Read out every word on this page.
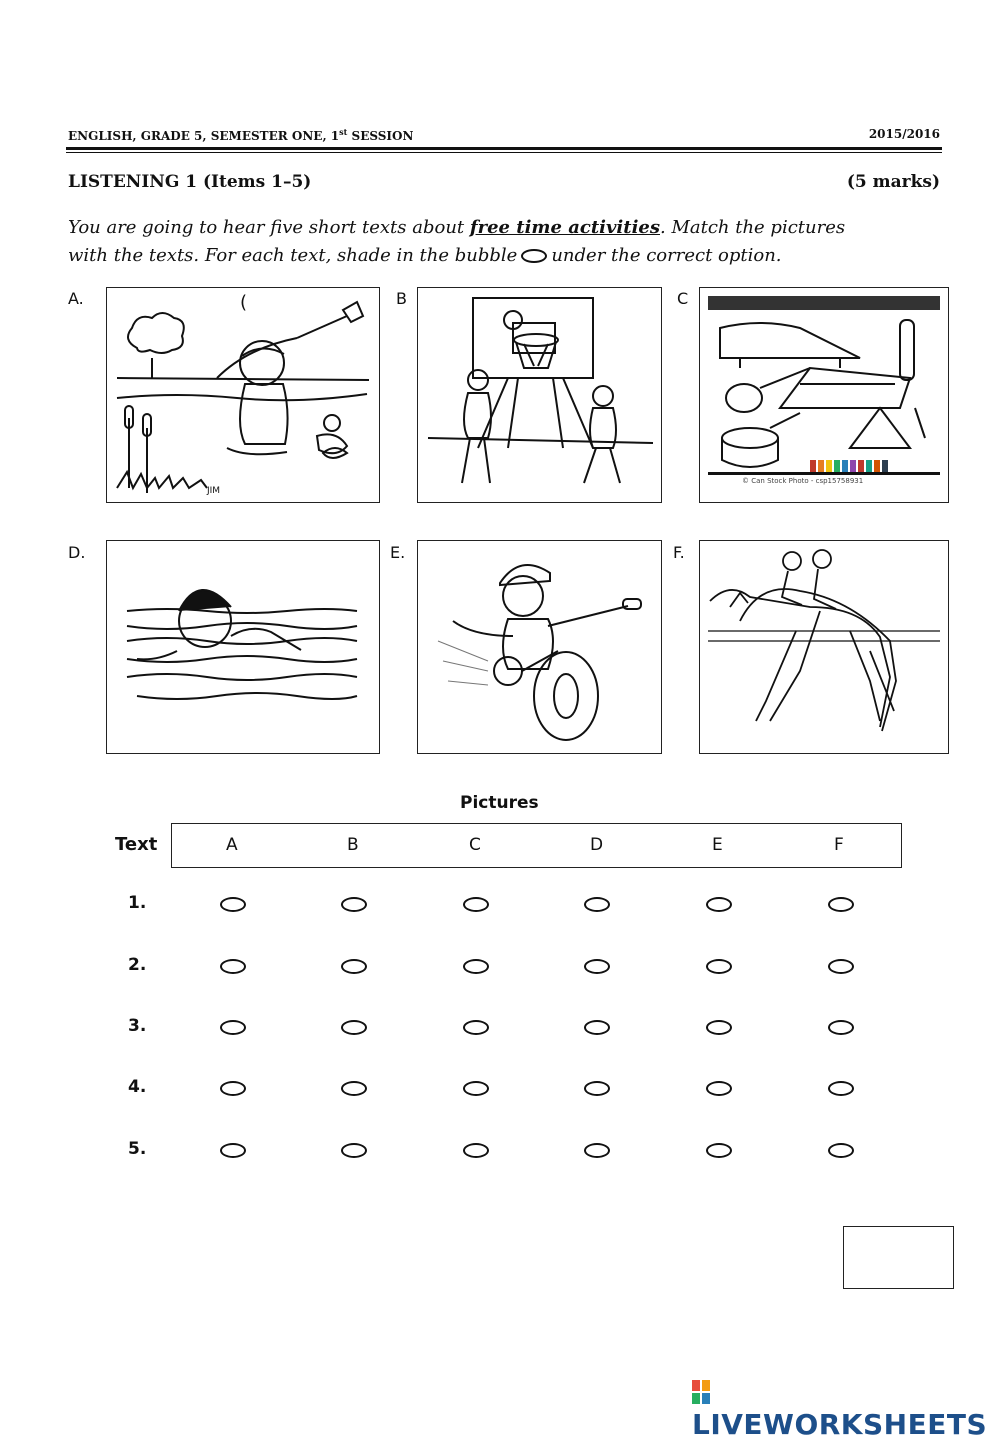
ENGLISH, GRADE 5, SEMESTER ONE, 1st SESSION	2015/2016
LISTENING 1 (Items 1–5)	(5 marks)
You are going to hear five short texts about free time activities. Match the pictures
with the texts. For each text, shade in the bubble under the correct option.
A.	B	C
D.	E.	F.
JIM
(
© Can Stock Photo - csp15758931
Pictures
Text	A	B	C	D	E	F
1.
2.
3.
4.
5.
LIVEWORKSHEETS
